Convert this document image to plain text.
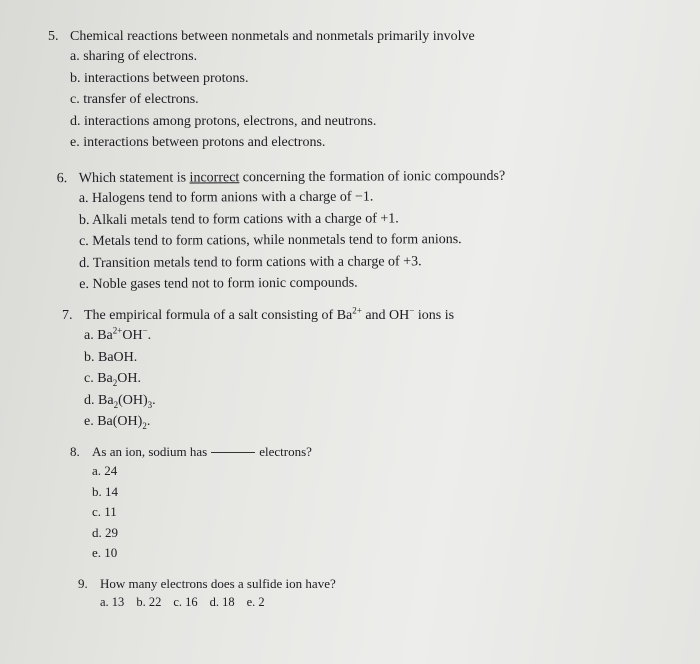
5. Chemical reactions between nonmetals and nonmetals primarily involve
a. sharing of electrons.
b. interactions between protons.
c. transfer of electrons.
d. interactions among protons, electrons, and neutrons.
e. interactions between protons and electrons.
6. Which statement is incorrect concerning the formation of ionic compounds?
a. Halogens tend to form anions with a charge of −1.
b. Alkali metals tend to form cations with a charge of +1.
c. Metals tend to form cations, while nonmetals tend to form anions.
d. Transition metals tend to form cations with a charge of +3.
e. Noble gases tend not to form ionic compounds.
7. The empirical formula of a salt consisting of $Ba^{2+}$ and OH− ions is
a. $Ba^{2+}OH^-$.
b. BaOH.
c. $Ba_2OH$.
d. $Ba_2(OH)_3$.
e. $Ba(OH)_2$.
8. As an ion, sodium has	electrons?
a. 24
b. 14
c. 11
d. 29
e. 10
9. How many electrons does a sulfide ion have?
a. 13 b. 22 c. 16 d. 18 e. 2
